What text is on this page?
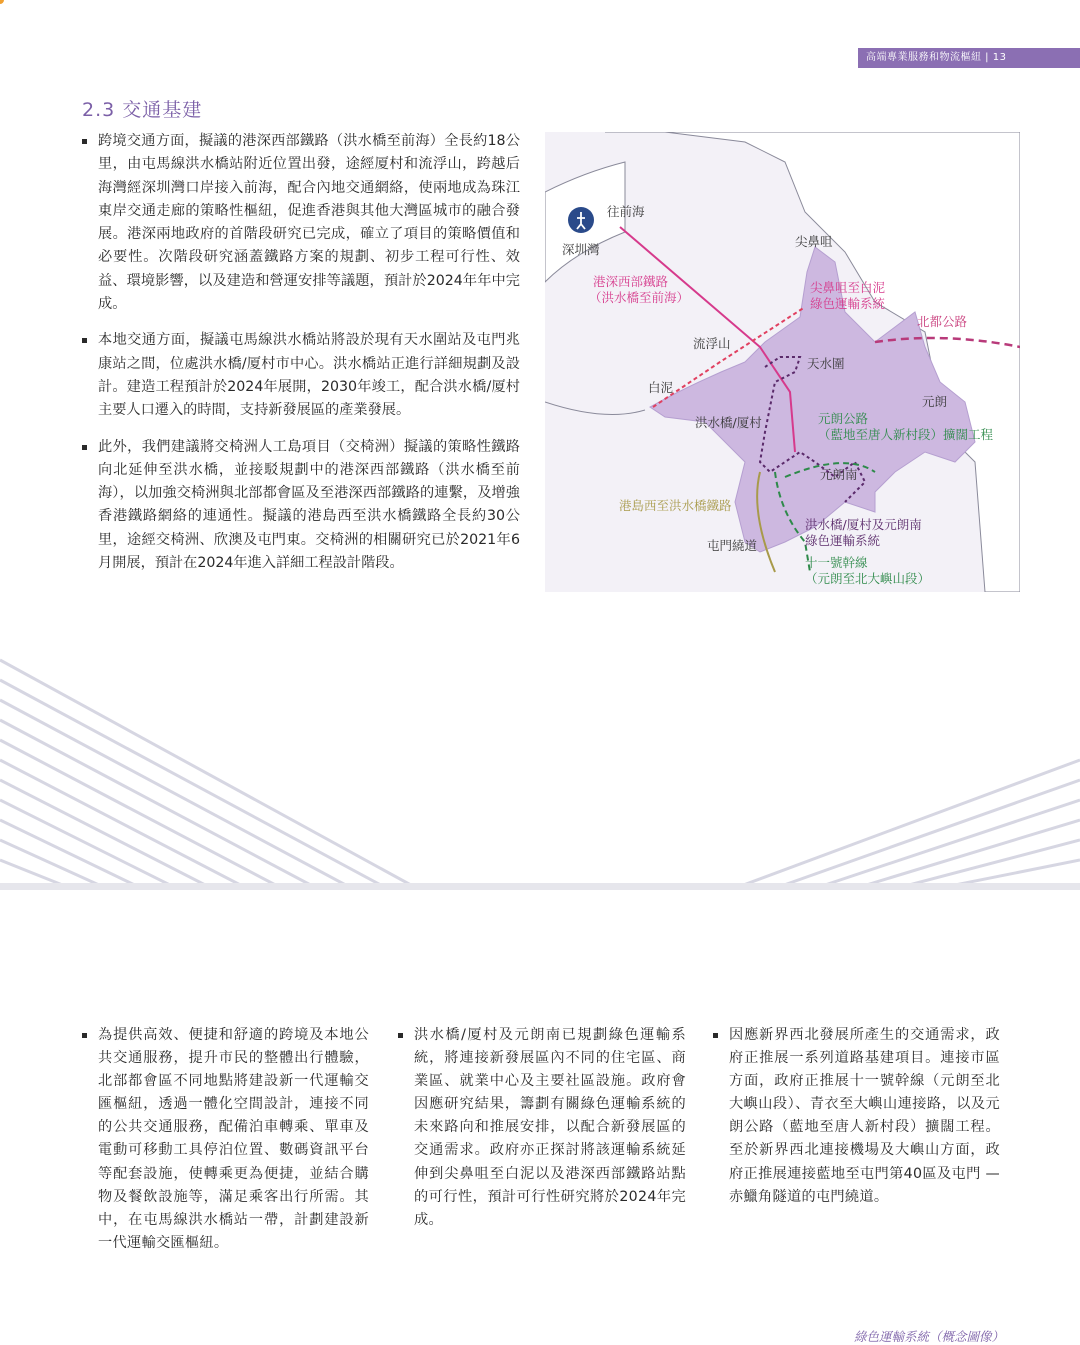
高端專業服務和物流樞紐 | 13
2.3 交通基建
跨境交通方面，擬議的港深西部鐵路（洪水橋至前海）全長約18公里，由屯馬線洪水橋站附近位置出發，途經厦村和流浮山，跨越后海灣經深圳灣口岸接入前海，配合內地交通網絡，使兩地成為珠江東岸交通走廊的策略性樞紐，促進香港與其他大灣區城市的融合發展。港深兩地政府的首階段研究已完成，確立了項目的策略價值和必要性。次階段研究涵蓋鐵路方案的規劃、初步工程可行性、效益、環境影響，以及建造和營運安排等議題，預計於2024年年中完成。
本地交通方面，擬議屯馬線洪水橋站將設於現有天水圍站及屯門兆康站之間，位處洪水橋/厦村市中心。洪水橋站正進行詳細規劃及設計。建造工程預計於2024年展開，2030年竣工，配合洪水橋/厦村主要人口遷入的時間，支持新發展區的產業發展。
此外，我們建議將交椅洲人工島項目（交椅洲）擬議的策略性鐵路向北延伸至洪水橋，並接駁規劃中的港深西部鐵路（洪水橋至前海），以加強交椅洲與北部都會區及至港深西部鐵路的連繫，及增強香港鐵路網絡的連通性。擬議的港島西至洪水橋鐵路全長約30公里，途經交椅洲、欣澳及屯門東。交椅洲的相關研究已於2021年6月開展，預計在2024年進入詳細工程設計階段。
往前海
深圳灣
尖鼻咀
港深西部鐵路
（洪水橋至前海）
尖鼻咀至白泥
綠色運輸系統
北都公路
流浮山
天水圍
白泥
元朗
洪水橋/厦村	元朗公路
（藍地至唐人新村段）擴闊工程
元朗南
港島西至洪水橋鐵路
洪水橋/厦村及元朗南
綠色運輸系統
屯門繞道
十一號幹線
（元朗至北大嶼山段）
為提供高效、便捷和舒適的跨境及本地公共交通服務，提升市民的整體出行體驗，北部都會區不同地點將建設新一代運輸交匯樞紐，透過一體化空間設計，連接不同的公共交通服務，配備泊車轉乘、單車及電動可移動工具停泊位置、數碼資訊平台等配套設施，使轉乘更為便捷，並結合購物及餐飲設施等，滿足乘客出行所需。其中，在屯馬線洪水橋站一帶，計劃建設新一代運輸交匯樞紐。
洪水橋/厦村及元朗南已規劃綠色運輸系統，將連接新發展區內不同的住宅區、商業區、就業中心及主要社區設施。政府會因應研究結果，籌劃有關綠色運輸系統的未來路向和推展安排，以配合新發展區的交通需求。政府亦正探討將該運輸系統延伸到尖鼻咀至白泥以及港深西部鐵路站點的可行性，預計可行性研究將於2024年完成。
因應新界西北發展所產生的交通需求，政府正推展一系列道路基建項目。連接市區方面，政府正推展十一號幹線（元朗至北大嶼山段）、青衣至大嶼山連接路，以及元朗公路（藍地至唐人新村段）擴闊工程。至於新界西北連接機場及大嶼山方面，政府正推展連接藍地至屯門第40區及屯門 — 赤鱲角隧道的屯門繞道。
綠色運輸系統（概念圖像）
